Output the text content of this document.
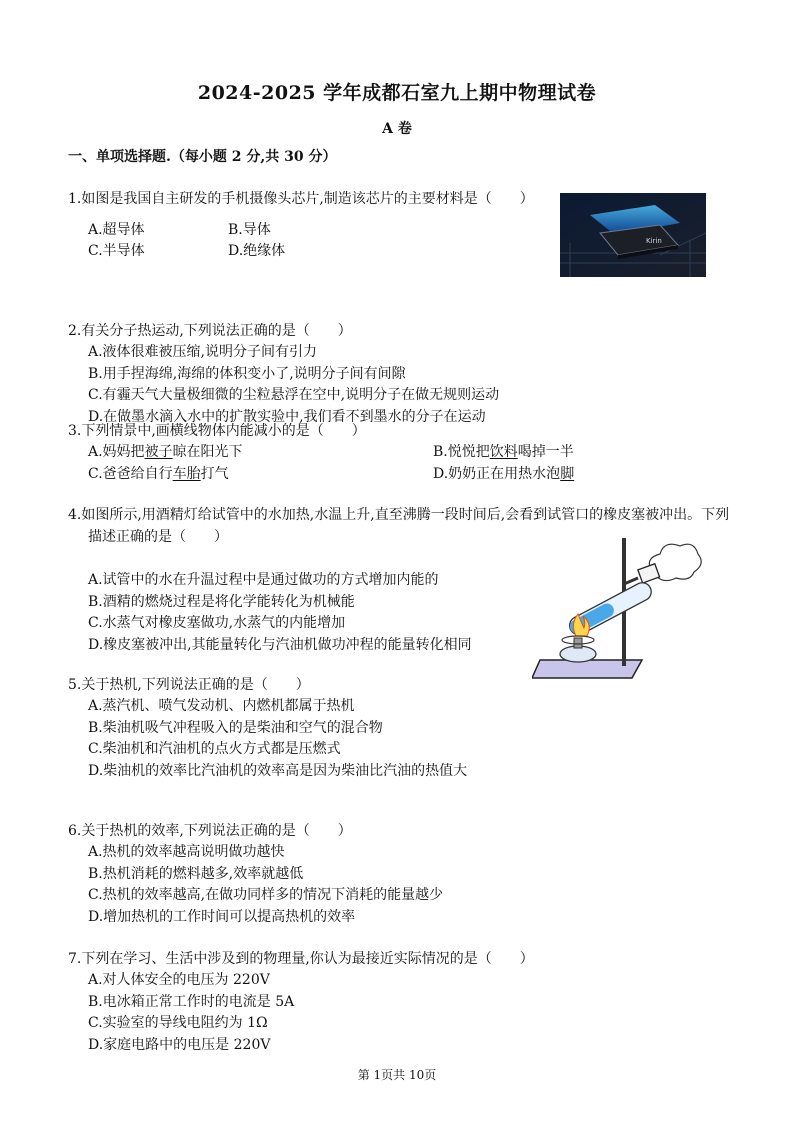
2024-2025 学年成都石室九上期中物理试卷
A 卷
一、单项选择题.（每小题 2 分,共 30 分）
1.如图是我国自主研发的手机摄像头芯片,制造该芯片的主要材料是（　　）
A.超导体	B.导体
C.半导体	D.绝缘体
Kirin
2.有关分子热运动,下列说法正确的是（　　）
A.液体很难被压缩,说明分子间有引力
B.用手捏海绵,海绵的体积变小了,说明分子间有间隙
C.有霾天气大量极细微的尘粒悬浮在空中,说明分子在做无规则运动
D.在做墨水滴入水中的扩散实验中,我们看不到墨水的分子在运动
3.下列情景中,画横线物体内能减小的是（　　）
A.妈妈把被子晾在阳光下	B.悦悦把饮料喝掉一半
C.爸爸给自行车胎打气	D.奶奶正在用热水泡脚
4.如图所示,用酒精灯给试管中的水加热,水温上升,直至沸腾一段时间后,会看到试管口的橡皮塞被冲出。下列
描述正确的是（　　）
A.试管中的水在升温过程中是通过做功的方式增加内能的
B.酒精的燃烧过程是将化学能转化为机械能
C.水蒸气对橡皮塞做功,水蒸气的内能增加
D.橡皮塞被冲出,其能量转化与汽油机做功冲程的能量转化相同
5.关于热机,下列说法正确的是（　　）
A.蒸汽机、喷气发动机、内燃机都属于热机
B.柴油机吸气冲程吸入的是柴油和空气的混合物
C.柴油机和汽油机的点火方式都是压燃式
D.柴油机的效率比汽油机的效率高是因为柴油比汽油的热值大
6.关于热机的效率,下列说法正确的是（　　）
A.热机的效率越高说明做功越快
B.热机消耗的燃料越多,效率就越低
C.热机的效率越高,在做功同样多的情况下消耗的能量越少
D.增加热机的工作时间可以提高热机的效率
7.下列在学习、生活中涉及到的物理量,你认为最接近实际情况的是（　　）
A.对人体安全的电压为 220V
B.电冰箱正常工作时的电流是 5A
C.实验室的导线电阻约为 1Ω
D.家庭电路中的电压是 220V
第 1页共 10页
